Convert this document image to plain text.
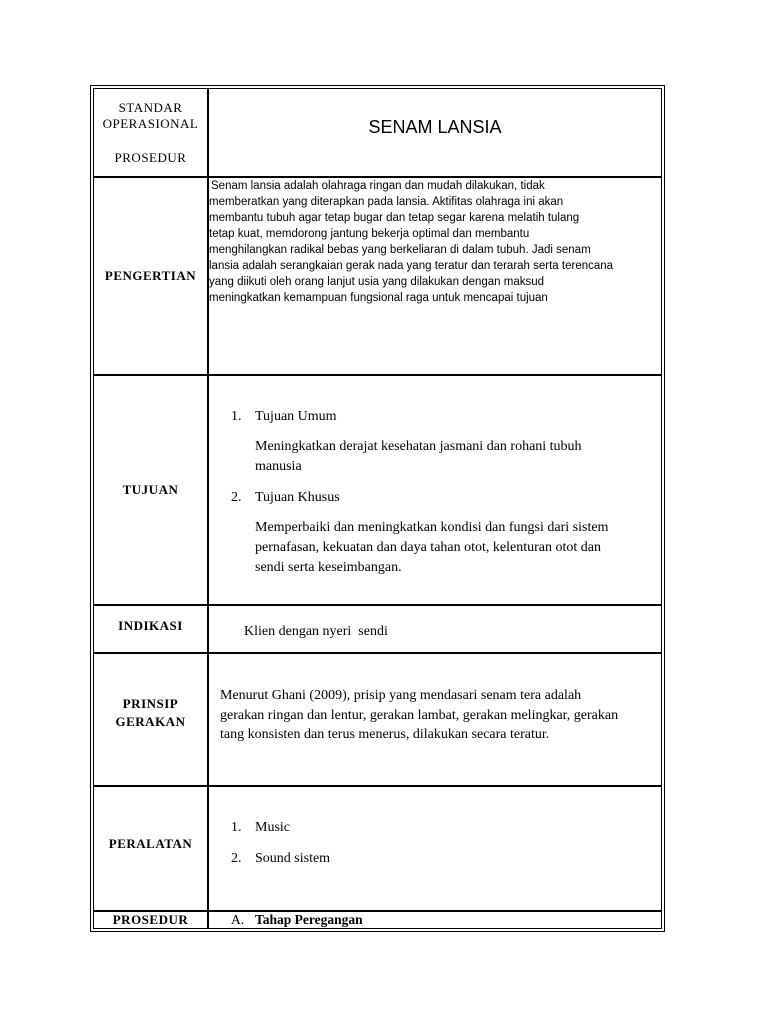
STANDAR
OPERASIONAL
PROSEDUR
SENAM LANSIA
PENGERTIAN
Senam lansia adalah olahraga ringan dan mudah dilakukan, tidak
memberatkan yang diterapkan pada lansia. Aktifitas olahraga ini akan
membantu tubuh agar tetap bugar dan tetap segar karena melatih tulang
tetap kuat, memdorong jantung bekerja optimal dan membantu
menghilangkan radikal bebas yang berkeliaran di dalam tubuh. Jadi senam
lansia adalah serangkaian gerak nada yang teratur dan terarah serta terencana
yang diikuti oleh orang lanjut usia yang dilakukan dengan maksud
meningkatkan kemampuan fungsional raga untuk mencapai tujuan
TUJUAN
1. Tujuan Umum
Meningkatkan derajat kesehatan jasmani dan rohani tubuh
manusia
2. Tujuan Khusus
Memperbaiki dan meningkatkan kondisi dan fungsi dari sistem
pernafasan, kekuatan dan daya tahan otot, kelenturan otot dan
sendi serta keseimbangan.
INDIKASI	Klien dengan nyeri  sendi
PRINSIP
GERAKAN
Menurut Ghani (2009), prisip yang mendasari senam tera adalah
gerakan ringan dan lentur, gerakan lambat, gerakan melingkar, gerakan
tang konsisten dan terus menerus, dilakukan secara teratur.
PERALATAN
1. Music
2. Sound sistem
PROSEDUR	A. Tahap Peregangan
